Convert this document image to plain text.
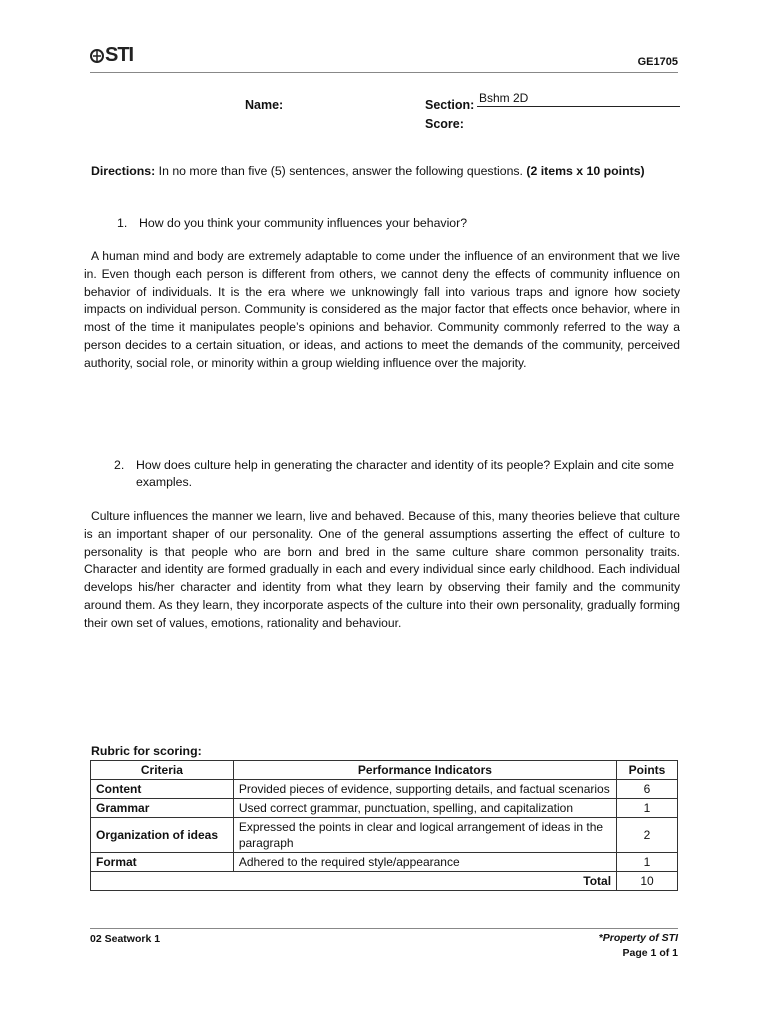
STI	GE1705
Name:	Section: Bshm 2D
Score:
Directions: In no more than five (5) sentences, answer the following questions. (2 items x 10 points)
1. How do you think your community influences your behavior?
A human mind and body are extremely adaptable to come under the influence of an environment that we live in. Even though each person is different from others, we cannot deny the effects of community influence on behavior of individuals. It is the era where we unknowingly fall into various traps and ignore how society impacts on individual person. Community is considered as the major factor that effects once behavior, where in most of the time it manipulates people’s opinions and behavior. Community commonly referred to the way a person decides to a certain situation, or ideas, and actions to meet the demands of the community, perceived authority, social role, or minority within a group wielding influence over the majority.
2. How does culture help in generating the character and identity of its people? Explain and cite some examples.
Culture influences the manner we learn, live and behaved. Because of this, many theories believe that culture is an important shaper of our personality. One of the general assumptions asserting the effect of culture to personality is that people who are born and bred in the same culture share common personality traits. Character and identity are formed gradually in each and every individual since early childhood. Each individual develops his/her character and identity from what they learn by observing their family and the community around them. As they learn, they incorporate aspects of the culture into their own personality, gradually forming their own set of values, emotions, rationality and behaviour.
Rubric for scoring:
Criteria	Performance Indicators	Points
Content	Provided pieces of evidence, supporting details, and factual scenarios	6
Grammar	Used correct grammar, punctuation, spelling, and capitalization	1
Organization of ideas	Expressed the points in clear and logical arrangement of ideas in the paragraph	2
Format	Adhered to the required style/appearance	1
Total		10
02 Seatwork 1	*Property of STI
Page 1 of 1
